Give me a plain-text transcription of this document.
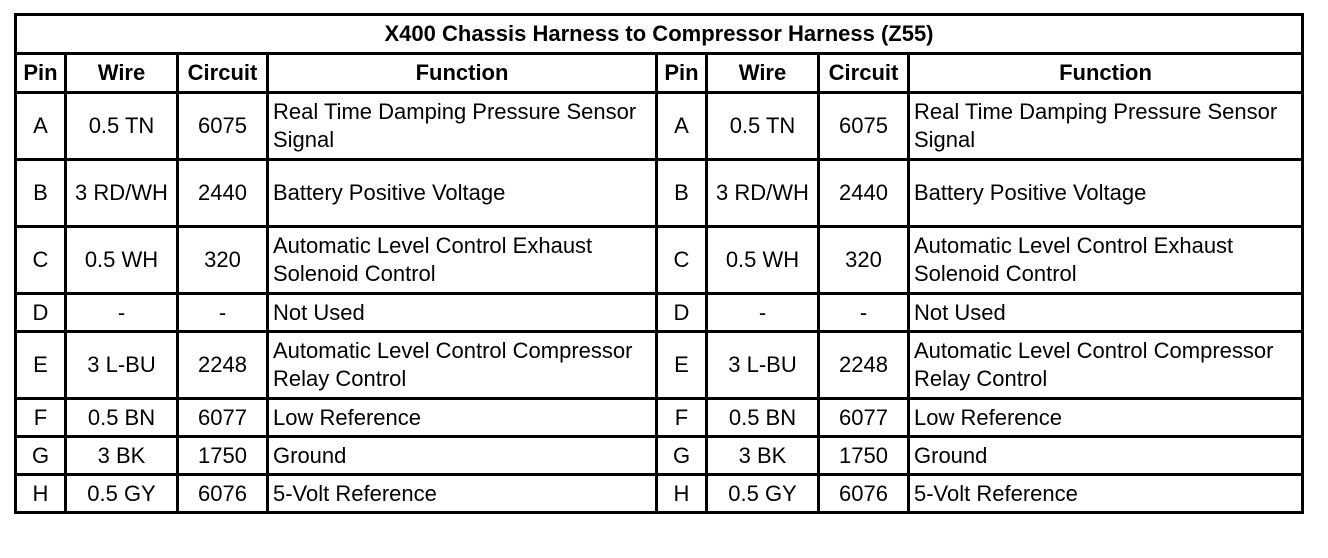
X400 Chassis Harness to Compressor Harness (Z55)							
Pin	Wire	Circuit	Function	Pin	Wire	Circuit	Function
A	0.5 TN	6075	Real Time Damping Pressure Sensor Signal	A	0.5 TN	6075	Real Time Damping Pressure Sensor Signal
B	3 RD/WH	2440	Battery Positive Voltage	B	3 RD/WH	2440	Battery Positive Voltage
C	0.5 WH	320	Automatic Level Control Exhaust Solenoid Control	C	0.5 WH	320	Automatic Level Control Exhaust Solenoid Control
D	-	-	Not Used	D	-	-	Not Used
E	3 L-BU	2248	Automatic Level Control Compressor Relay Control	E	3 L-BU	2248	Automatic Level Control Compressor Relay Control
F	0.5 BN	6077	Low Reference	F	0.5 BN	6077	Low Reference
G	3 BK	1750	Ground	G	3 BK	1750	Ground
H	0.5 GY	6076	5-Volt Reference	H	0.5 GY	6076	5-Volt Reference
